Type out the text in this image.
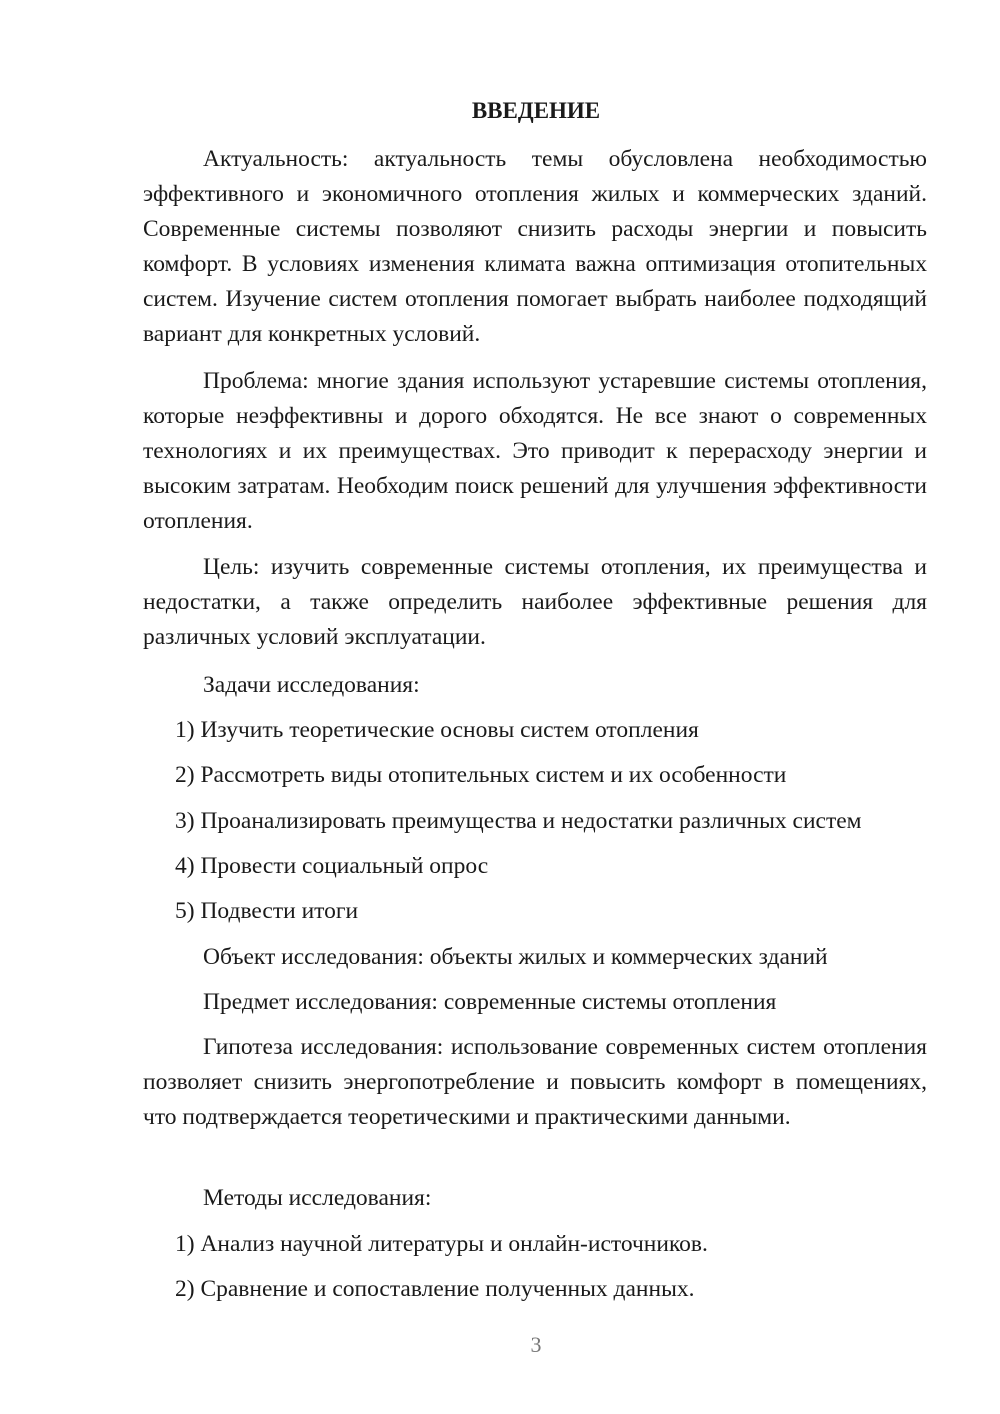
ВВЕДЕНИЕ

Актуальность: актуальность темы обусловлена необходимостью эффективного и экономичного отопления жилых и коммерческих зданий. Современные системы позволяют снизить расходы энергии и повысить комфорт. В условиях изменения климата важна оптимизация отопительных систем. Изучение систем отопления помогает выбрать наиболее подходящий вариант для конкретных условий.

Проблема: многие здания используют устаревшие системы отопления, которые неэффективны и дорого обходятся. Не все знают о современных технологиях и их преимуществах. Это приводит к перерасходу энергии и высоким затратам. Необходим поиск решений для улучшения эффективности отопления.

Цель: изучить современные системы отопления, их преимущества и недостатки, а также определить наиболее эффективные решения для различных условий эксплуатации.

Задачи исследования:

1) Изучить теоретические основы систем отопления

2) Рассмотреть виды отопительных систем и их особенности

3) Проанализировать преимущества и недостатки различных систем

4) Провести социальный опрос

5) Подвести итоги

Объект исследования: объекты жилых и коммерческих зданий

Предмет исследования: современные системы отопления

Гипотеза исследования: использование современных систем отопления позволяет снизить энергопотребление и повысить комфорт в помещениях, что подтверждается теоретическими и практическими данными.

Методы исследования:

1) Анализ научной литературы и онлайн-источников.

2) Сравнение и сопоставление полученных данных.

3
